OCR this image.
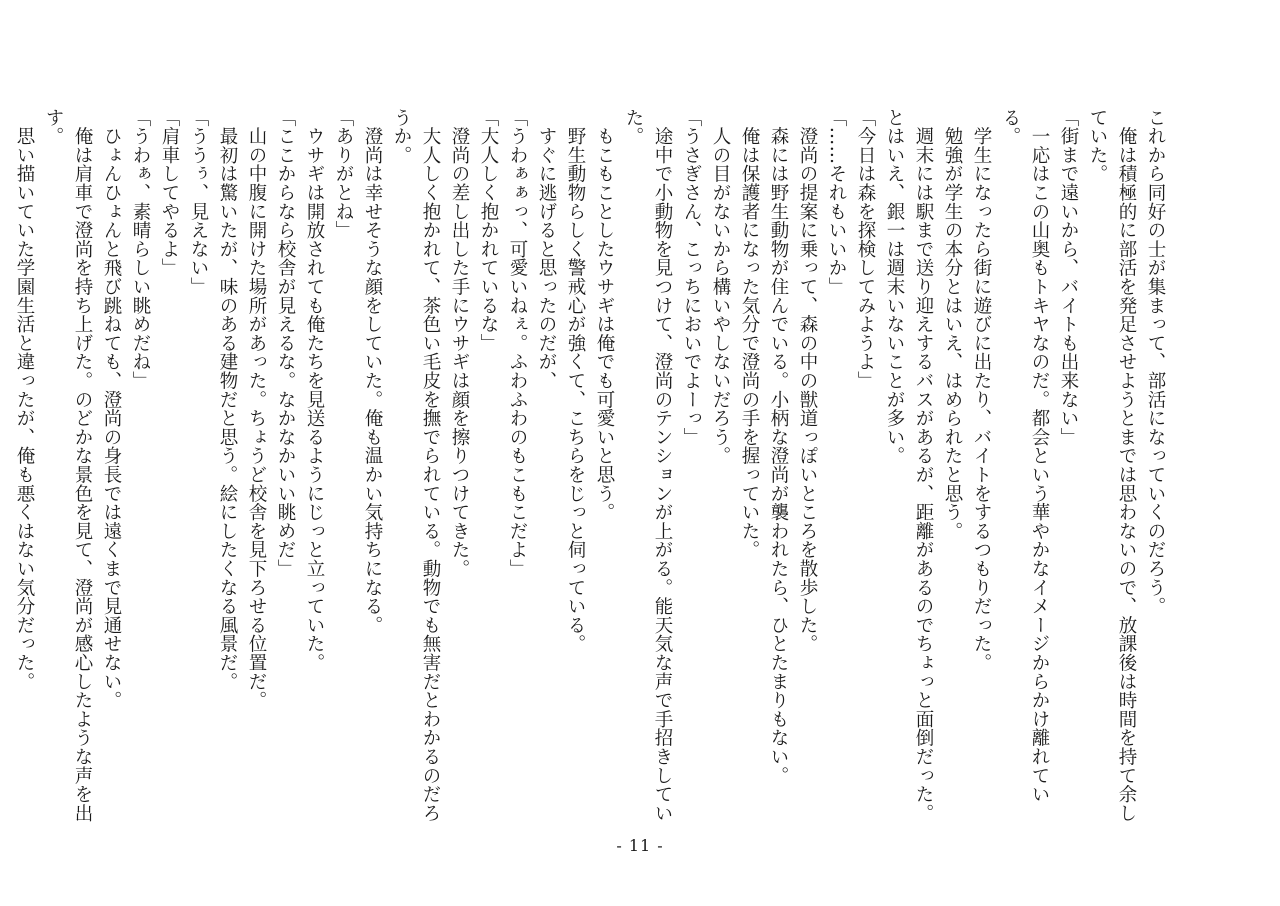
これから同好の士が集まって、部活になっていくのだろう。

　俺は積極的に部活を発足させようとまでは思わないので、放課後は時間を持て余していた。

「街まで遠いから、バイトも出来ない」

　一応はこの山奥もトキヤなのだ。都会という華やかなイメージからかけ離れている。

　学生になったら街に遊びに出たり、バイトをするつもりだった。

　勉強が学生の本分とはいえ、はめられたと思う。

　週末には駅まで送り迎えするバスがあるが、距離があるのでちょっと面倒だった。とはいえ、銀一は週末いないことが多い。

「今日は森を探検してみようよ」

「……それもいいか」

　澄尚の提案に乗って、森の中の獣道っぽいところを散歩した。

　森には野生動物が住んでいる。小柄な澄尚が襲われたら、ひとたまりもない。

　俺は保護者になった気分で澄尚の手を握っていた。

　人の目がないから構いやしないだろう。

「うさぎさん、こっちにおいでよーっ」

　途中で小動物を見つけて、澄尚のテンションが上がる。能天気な声で手招きしていた。

　もこもことしたウサギは俺でも可愛いと思う。

　野生動物らしく警戒心が強くて、こちらをじっと伺っている。

　すぐに逃げると思ったのだが、

「うわぁぁっ、可愛いねぇ。ふわふわのもこもこだよ」

「大人しく抱かれているな」

　澄尚の差し出した手にウサギは顔を擦りつけてきた。

　大人しく抱かれて、茶色い毛皮を撫でられている。動物でも無害だとわかるのだろうか。

　澄尚は幸せそうな顔をしていた。俺も温かい気持ちになる。

「ありがとね」

　ウサギは開放されても俺たちを見送るようにじっと立っていた。

「ここからなら校舎が見えるな。なかなかいい眺めだ」

　山の中腹に開けた場所があった。ちょうど校舎を見下ろせる位置だ。

　最初は驚いたが、味のある建物だと思う。絵にしたくなる風景だ。

「ううぅ、見えない」

「肩車してやるよ」

「うわぁ、素晴らしい眺めだね」

　ひょんひょんと飛び跳ねても、澄尚の身長では遠くまで見通せない。

　俺は肩車で澄尚を持ち上げた。のどかな景色を見て、澄尚が感心したような声を出す。

　思い描いていた学園生活と違ったが、俺も悪くはない気分だった。

- 11 -
